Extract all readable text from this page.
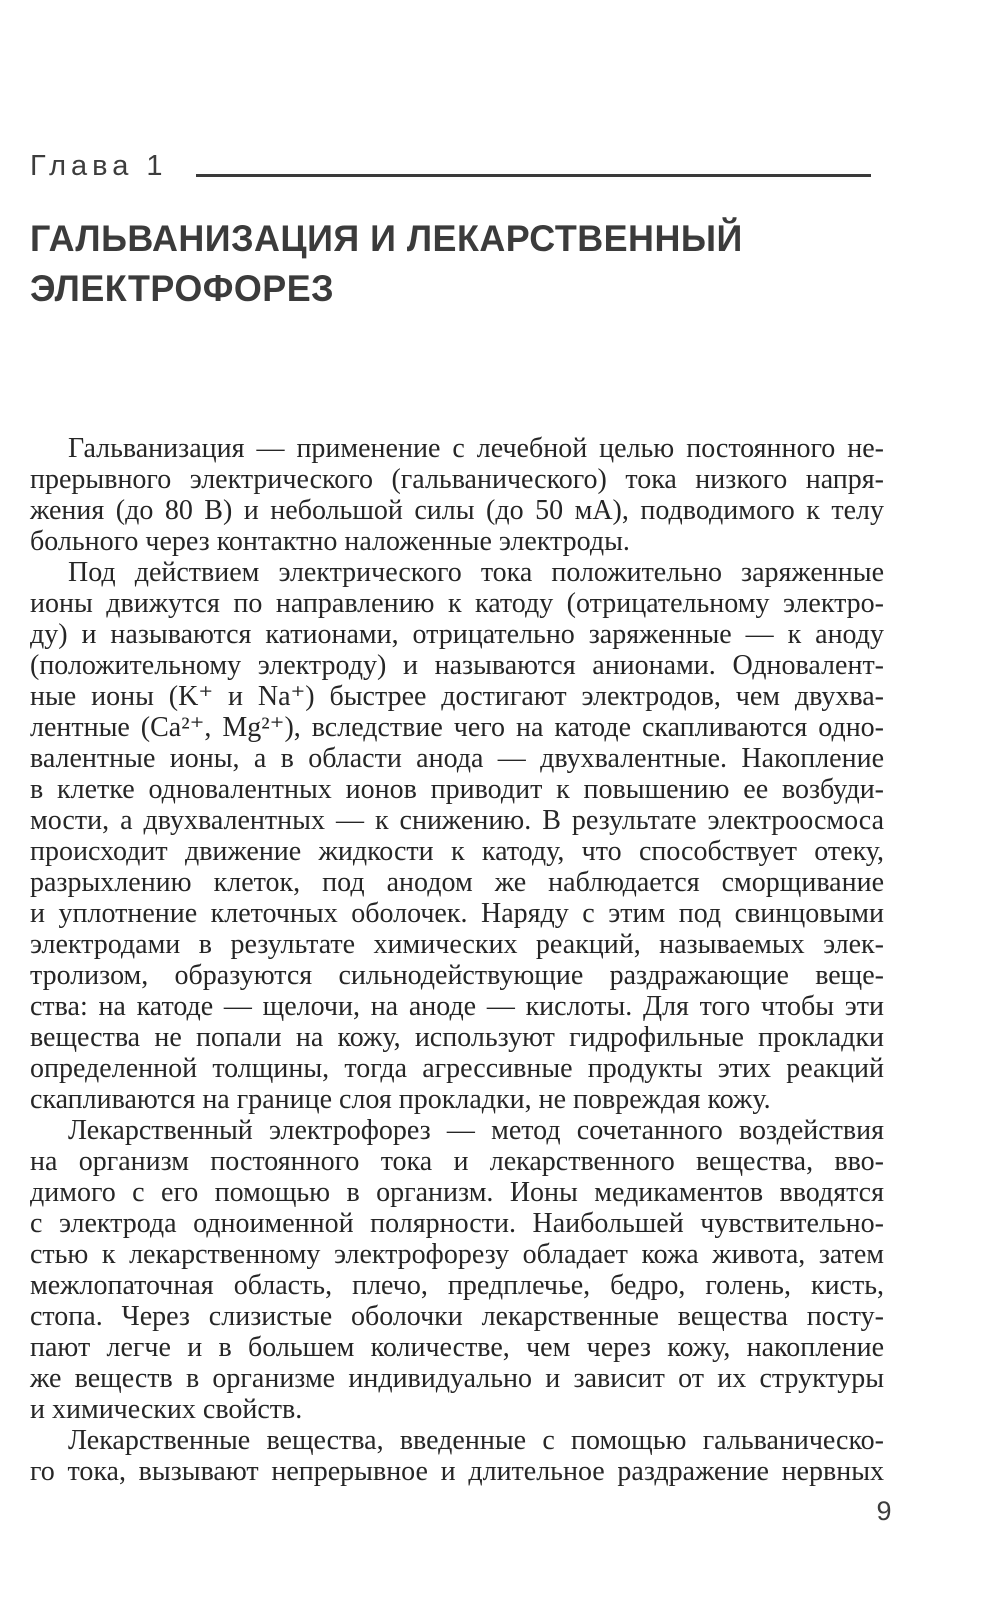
Глава 1
ГАЛЬВАНИЗАЦИЯ И ЛЕКАРСТВЕННЫЙ
ЭЛЕКТРОФОРЕЗ
Гальванизация — применение с лечебной целью постоянного не-
прерывного электрического (гальванического) тока низкого напря-
жения (до 80 В) и небольшой силы (до 50 мА), подводимого к телу
больного через контактно наложенные электроды.
Под действием электрического тока положительно заряженные
ионы движутся по направлению к катоду (отрицательному электро-
ду) и называются катионами, отрицательно заряженные — к аноду
(положительному электроду) и называются анионами. Одновалент-
ные ионы (K⁺ и Na⁺) быстрее достигают электродов, чем двухва-
лентные (Ca²⁺, Mg²⁺), вследствие чего на катоде скапливаются одно-
валентные ионы, а в области анода — двухвалентные. Накопление
в клетке одновалентных ионов приводит к повышению ее возбуди-
мости, а двухвалентных — к снижению. В результате электроосмоса
происходит движение жидкости к катоду, что способствует отеку,
разрыхлению клеток, под анодом же наблюдается сморщивание
и уплотнение клеточных оболочек. Наряду с этим под свинцовыми
электродами в результате химических реакций, называемых элек-
тролизом, образуются сильнодействующие раздражающие веще-
ства: на катоде — щелочи, на аноде — кислоты. Для того чтобы эти
вещества не попали на кожу, используют гидрофильные прокладки
определенной толщины, тогда агрессивные продукты этих реакций
скапливаются на границе слоя прокладки, не повреждая кожу.
Лекарственный электрофорез — метод сочетанного воздействия
на организм постоянного тока и лекарственного вещества, вво-
димого с его помощью в организм. Ионы медикаментов вводятся
с электрода одноименной полярности. Наибольшей чувствительно-
стью к лекарственному электрофорезу обладает кожа живота, затем
межлопаточная область, плечо, предплечье, бедро, голень, кисть,
стопа. Через слизистые оболочки лекарственные вещества посту-
пают легче и в большем количестве, чем через кожу, накопление
же веществ в организме индивидуально и зависит от их структуры
и химических свойств.
Лекарственные вещества, введенные с помощью гальваническо-
го тока, вызывают непрерывное и длительное раздражение нервных
9
